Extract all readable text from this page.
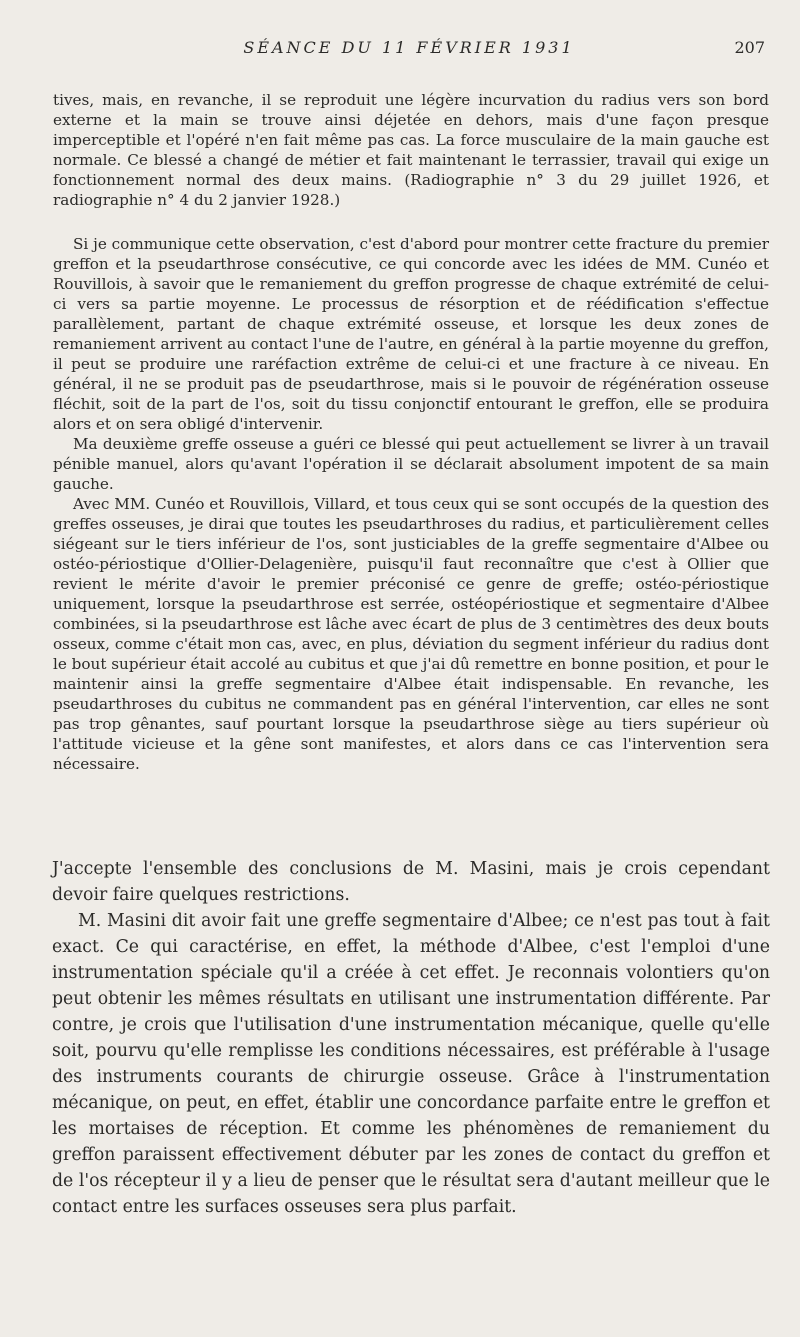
SÉANCE DU 11 FÉVRIER 1931	207

tives, mais, en revanche, il se reproduit une légère incurvation du radius vers son bord externe et la main se trouve ainsi déjetée en dehors, mais d'une façon presque imperceptible et l'opéré n'en fait même pas cas. La force musculaire de la main gauche est normale. Ce blessé a changé de métier et fait maintenant le terrassier, travail qui exige un fonctionnement normal des deux mains. (Radiographie n° 3 du 29 juillet 1926, et radiographie n° 4 du 2 janvier 1928.)

Si je communique cette observation, c'est d'abord pour montrer cette fracture du premier greffon et la pseudarthrose consécutive, ce qui concorde avec les idées de MM. Cunéo et Rouvillois, à savoir que le remaniement du greffon progresse de chaque extrémité de celui-ci vers sa partie moyenne. Le processus de résorption et de réédification s'effectue parallèlement, partant de chaque extrémité osseuse, et lorsque les deux zones de remaniement arrivent au contact l'une de l'autre, en général à la partie moyenne du greffon, il peut se produire une raréfaction extrême de celui-ci et une fracture à ce niveau. En général, il ne se produit pas de pseudarthrose, mais si le pouvoir de régénération osseuse fléchit, soit de la part de l'os, soit du tissu conjonctif entourant le greffon, elle se produira alors et on sera obligé d'intervenir.

Ma deuxième greffe osseuse a guéri ce blessé qui peut actuellement se livrer à un travail pénible manuel, alors qu'avant l'opération il se déclarait absolument impotent de sa main gauche.

Avec MM. Cunéo et Rouvillois, Villard, et tous ceux qui se sont occupés de la question des greffes osseuses, je dirai que toutes les pseudarthroses du radius, et particulièrement celles siégeant sur le tiers inférieur de l'os, sont justiciables de la greffe segmentaire d'Albee ou ostéo-périostique d'Ollier-Delagenière, puisqu'il faut reconnaître que c'est à Ollier que revient le mérite d'avoir le premier préconisé ce genre de greffe; ostéo-périostique uniquement, lorsque la pseudarthrose est serrée, ostéopériostique et segmentaire d'Albee combinées, si la pseudarthrose est lâche avec écart de plus de 3 centimètres des deux bouts osseux, comme c'était mon cas, avec, en plus, déviation du segment inférieur du radius dont le bout supérieur était accolé au cubitus et que j'ai dû remettre en bonne position, et pour le maintenir ainsi la greffe segmentaire d'Albee était indispensable. En revanche, les pseudarthroses du cubitus ne commandent pas en général l'intervention, car elles ne sont pas trop gênantes, sauf pourtant lorsque la pseudarthrose siège au tiers supérieur où l'attitude vicieuse et la gêne sont manifestes, et alors dans ce cas l'intervention sera nécessaire.

J'accepte l'ensemble des conclusions de M. Masini, mais je crois cependant devoir faire quelques restrictions.

M. Masini dit avoir fait une greffe segmentaire d'Albee; ce n'est pas tout à fait exact. Ce qui caractérise, en effet, la méthode d'Albee, c'est l'emploi d'une instrumentation spéciale qu'il a créée à cet effet. Je reconnais volontiers qu'on peut obtenir les mêmes résultats en utilisant une instrumentation différente. Par contre, je crois que l'utilisation d'une instrumentation mécanique, quelle qu'elle soit, pourvu qu'elle remplisse les conditions nécessaires, est préférable à l'usage des instruments courants de chirurgie osseuse. Grâce à l'instrumentation mécanique, on peut, en effet, établir une concordance parfaite entre le greffon et les mortaises de réception. Et comme les phénomènes de remaniement du greffon paraissent effectivement débuter par les zones de contact du greffon et de l'os récepteur il y a lieu de penser que le résultat sera d'autant meilleur que le contact entre les surfaces osseuses sera plus parfait.
